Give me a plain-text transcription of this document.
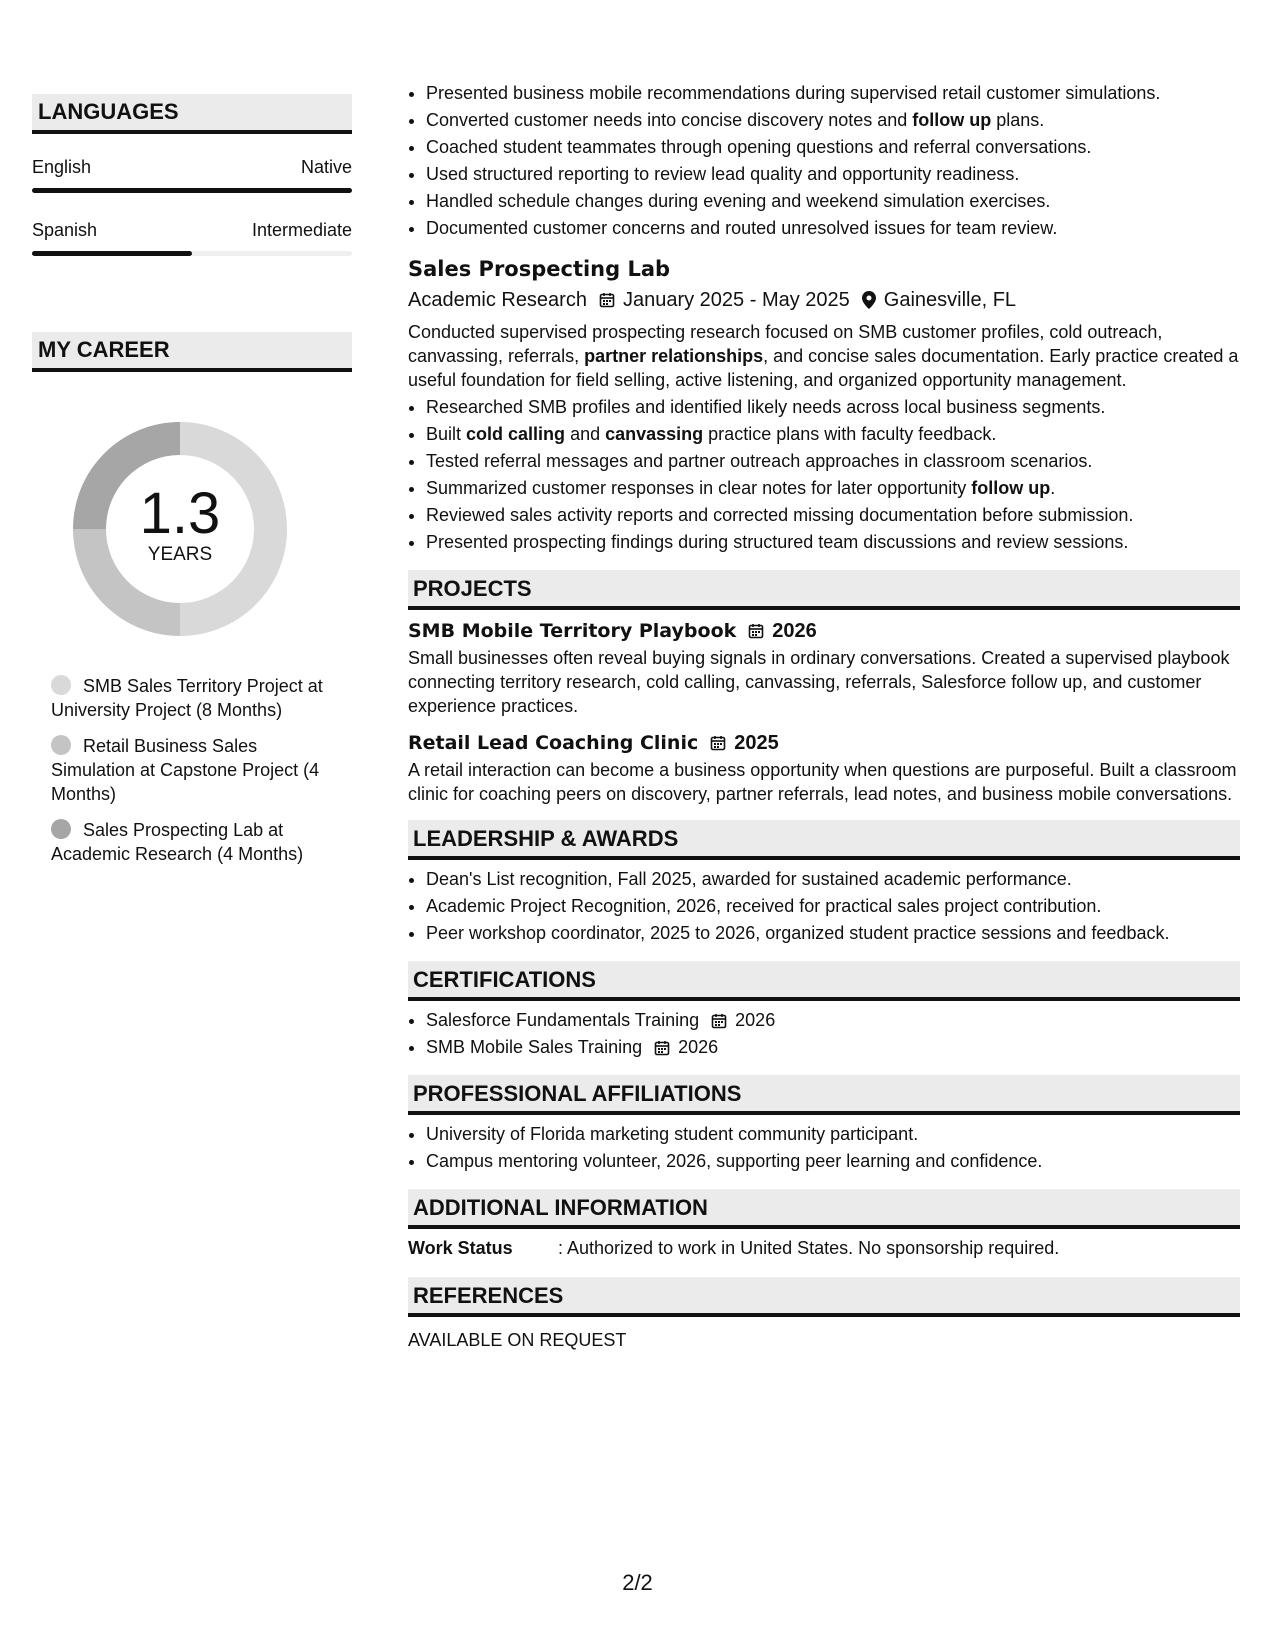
LANGUAGES
English	Native
Spanish	Intermediate
MY CAREER
1.3
YEARS
SMB Sales Territory Project at University Project (8 Months)
Retail Business Sales Simulation at Capstone Project (4 Months)
Sales Prospecting Lab at Academic Research (4 Months)
• Presented business mobile recommendations during supervised retail customer simulations.
• Converted customer needs into concise discovery notes and follow up plans.
• Coached student teammates through opening questions and referral conversations.
• Used structured reporting to review lead quality and opportunity readiness.
• Handled schedule changes during evening and weekend simulation exercises.
• Documented customer concerns and routed unresolved issues for team review.
Sales Prospecting Lab
Academic Research January 2025 - May 2025 Gainesville, FL
Conducted supervised prospecting research focused on SMB customer profiles, cold outreach, canvassing, referrals, partner relationships, and concise sales documentation. Early practice created a useful foundation for field selling, active listening, and organized opportunity management.
• Researched SMB profiles and identified likely needs across local business segments.
• Built cold calling and canvassing practice plans with faculty feedback.
• Tested referral messages and partner outreach approaches in classroom scenarios.
• Summarized customer responses in clear notes for later opportunity follow up.
• Reviewed sales activity reports and corrected missing documentation before submission.
• Presented prospecting findings during structured team discussions and review sessions.
PROJECTS
SMB Mobile Territory Playbook 2026
Small businesses often reveal buying signals in ordinary conversations. Created a supervised playbook connecting territory research, cold calling, canvassing, referrals, Salesforce follow up, and customer experience practices.
Retail Lead Coaching Clinic 2025
A retail interaction can become a business opportunity when questions are purposeful. Built a classroom clinic for coaching peers on discovery, partner referrals, lead notes, and business mobile conversations.
LEADERSHIP & AWARDS
• Dean's List recognition, Fall 2025, awarded for sustained academic performance.
• Academic Project Recognition, 2026, received for practical sales project contribution.
• Peer workshop coordinator, 2025 to 2026, organized student practice sessions and feedback.
CERTIFICATIONS
• Salesforce Fundamentals Training 2026
• SMB Mobile Sales Training 2026
PROFESSIONAL AFFILIATIONS
• University of Florida marketing student community participant.
• Campus mentoring volunteer, 2026, supporting peer learning and confidence.
ADDITIONAL INFORMATION
Work Status	: Authorized to work in United States. No sponsorship required.
REFERENCES
AVAILABLE ON REQUEST
2/2
